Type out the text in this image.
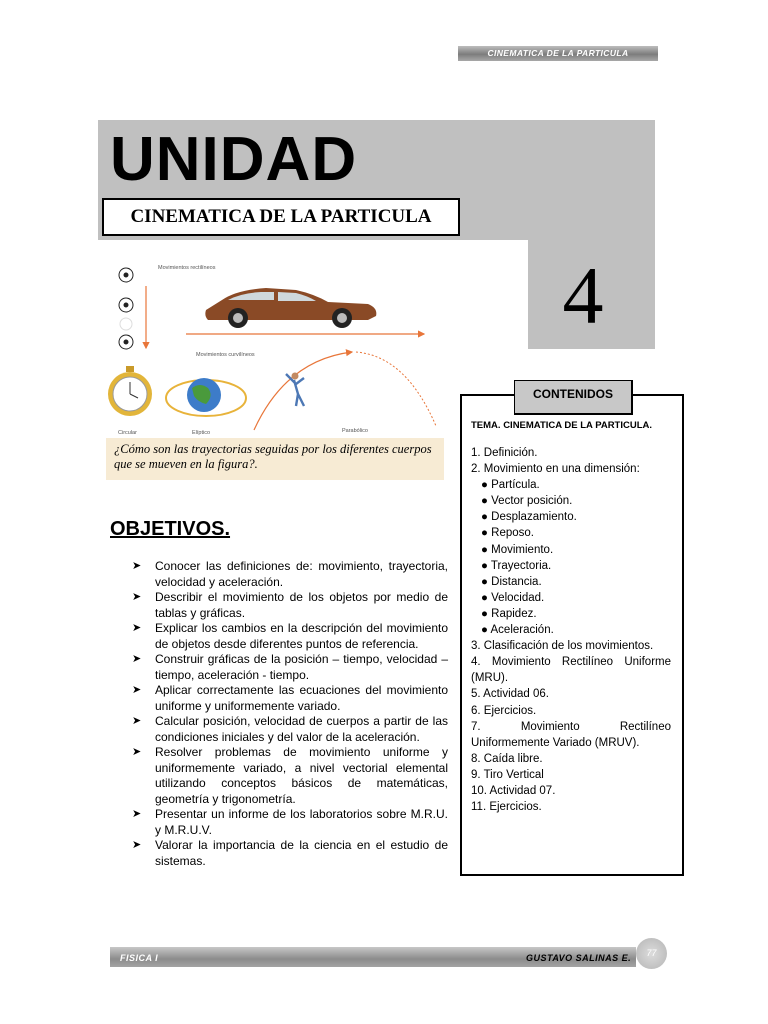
CINEMATICA DE LA PARTICULA
UNIDAD
CINEMATICA DE LA PARTICULA
4
Movimientos rectilíneos
Movimientos curvilíneos
Circular	Elíptico	Parabólico
¿Cómo son las trayectorias seguidas por los diferentes cuerpos que se mueven en la figura?.
OBJETIVOS.
➤ Conocer las definiciones de: movimiento, trayectoria, velocidad y aceleración.
➤ Describir el movimiento de los objetos por medio de tablas y gráficas.
➤ Explicar los cambios en la descripción del movimiento de objetos desde diferentes puntos de referencia.
➤ Construir gráficas de la posición – tiempo, velocidad – tiempo, aceleración - tiempo.
➤ Aplicar correctamente las ecuaciones del movimiento uniforme y uniformemente variado.
➤ Calcular posición, velocidad de cuerpos a partir de las condiciones iniciales y del valor de la aceleración.
➤ Resolver problemas de movimiento uniforme y uniformemente variado, a nivel vectorial elemental utilizando conceptos básicos de matemáticas, geometría y trigonometría.
➤ Presentar un informe de los laboratorios sobre M.R.U. y M.R.U.V.
➤ Valorar la importancia de la ciencia en el estudio de sistemas.
CONTENIDOS
TEMA. CINEMATICA DE LA PARTICULA.
1. Definición.
2. Movimiento en una dimensión:
● Partícula.
● Vector posición.
● Desplazamiento.
● Reposo.
● Movimiento.
● Trayectoria.
● Distancia.
● Velocidad.
● Rapidez.
● Aceleración.
3. Clasificación de los movimientos.
4. Movimiento Rectilíneo Uniforme (MRU).
5. Actividad 06.
6. Ejercicios.
7. Movimiento Rectilíneo Uniformemente Variado (MRUV).
8. Caída libre.
9. Tiro Vertical
10. Actividad 07.
11. Ejercicios.
FISICA I	GUSTAVO SALINAS E.	77
